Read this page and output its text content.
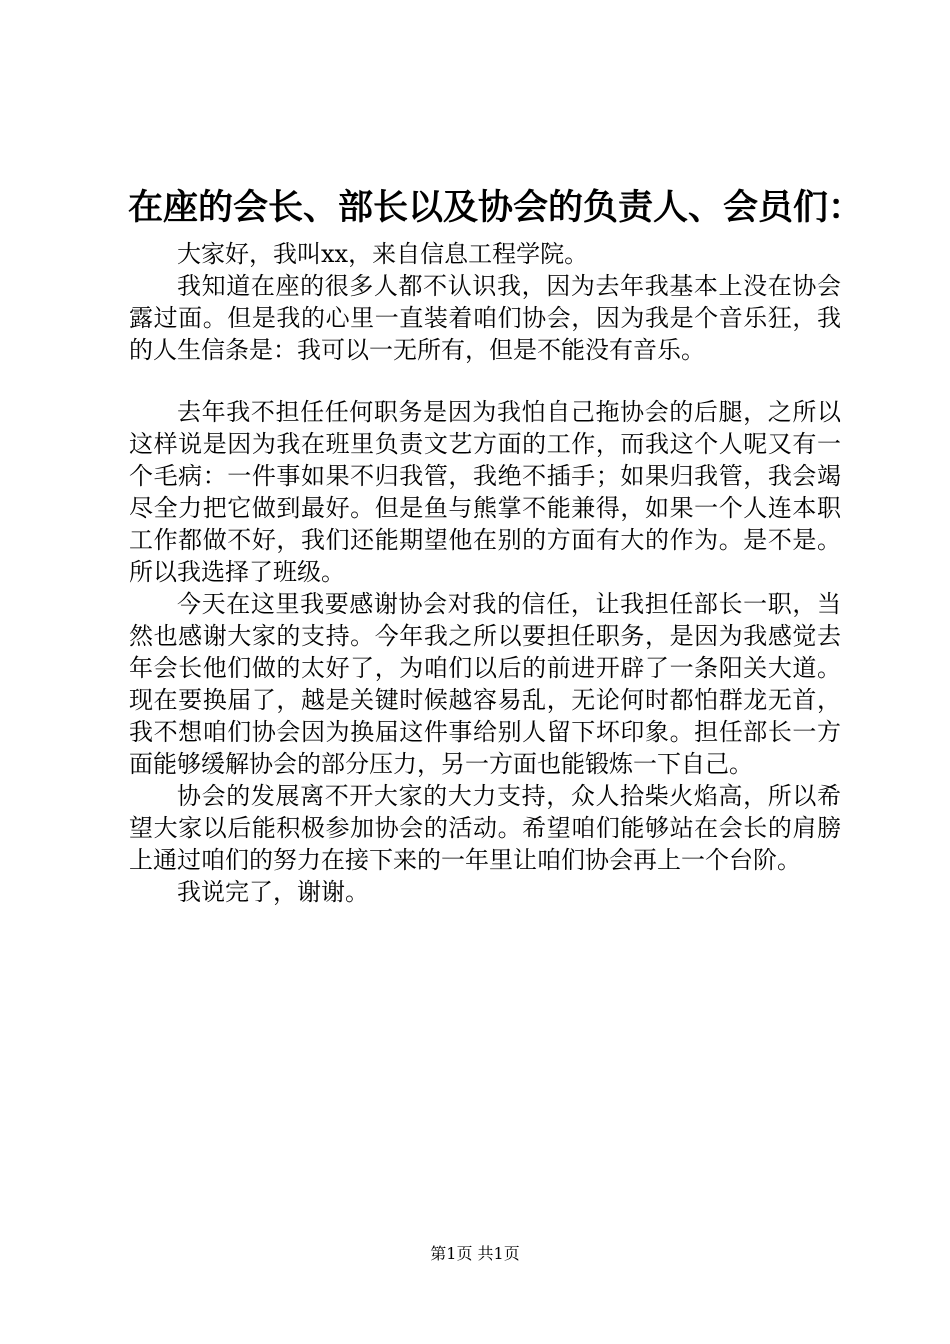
在座的会长、部长以及协会的负责人、会员们：

大家好，我叫xx，来自信息工程学院。

我知道在座的很多人都不认识我，因为去年我基本上没在协会露过面。但是我的心里一直装着咱们协会，因为我是个音乐狂，我的人生信条是：我可以一无所有，但是不能没有音乐。

去年我不担任任何职务是因为我怕自己拖协会的后腿，之所以这样说是因为我在班里负责文艺方面的工作，而我这个人呢又有一个毛病：一件事如果不归我管，我绝不插手；如果归我管，我会竭尽全力把它做到最好。但是鱼与熊掌不能兼得，如果一个人连本职工作都做不好，我们还能期望他在别的方面有大的作为。是不是。所以我选择了班级。

今天在这里我要感谢协会对我的信任，让我担任部长一职，当然也感谢大家的支持。今年我之所以要担任职务，是因为我感觉去年会长他们做的太好了，为咱们以后的前进开辟了一条阳关大道。现在要换届了，越是关键时候越容易乱，无论何时都怕群龙无首，我不想咱们协会因为换届这件事给别人留下坏印象。担任部长一方面能够缓解协会的部分压力，另一方面也能锻炼一下自己。

协会的发展离不开大家的大力支持，众人拾柴火焰高，所以希望大家以后能积极参加协会的活动。希望咱们能够站在会长的肩膀上通过咱们的努力在接下来的一年里让咱们协会再上一个台阶。

我说完了，谢谢。

第1页 共1页
